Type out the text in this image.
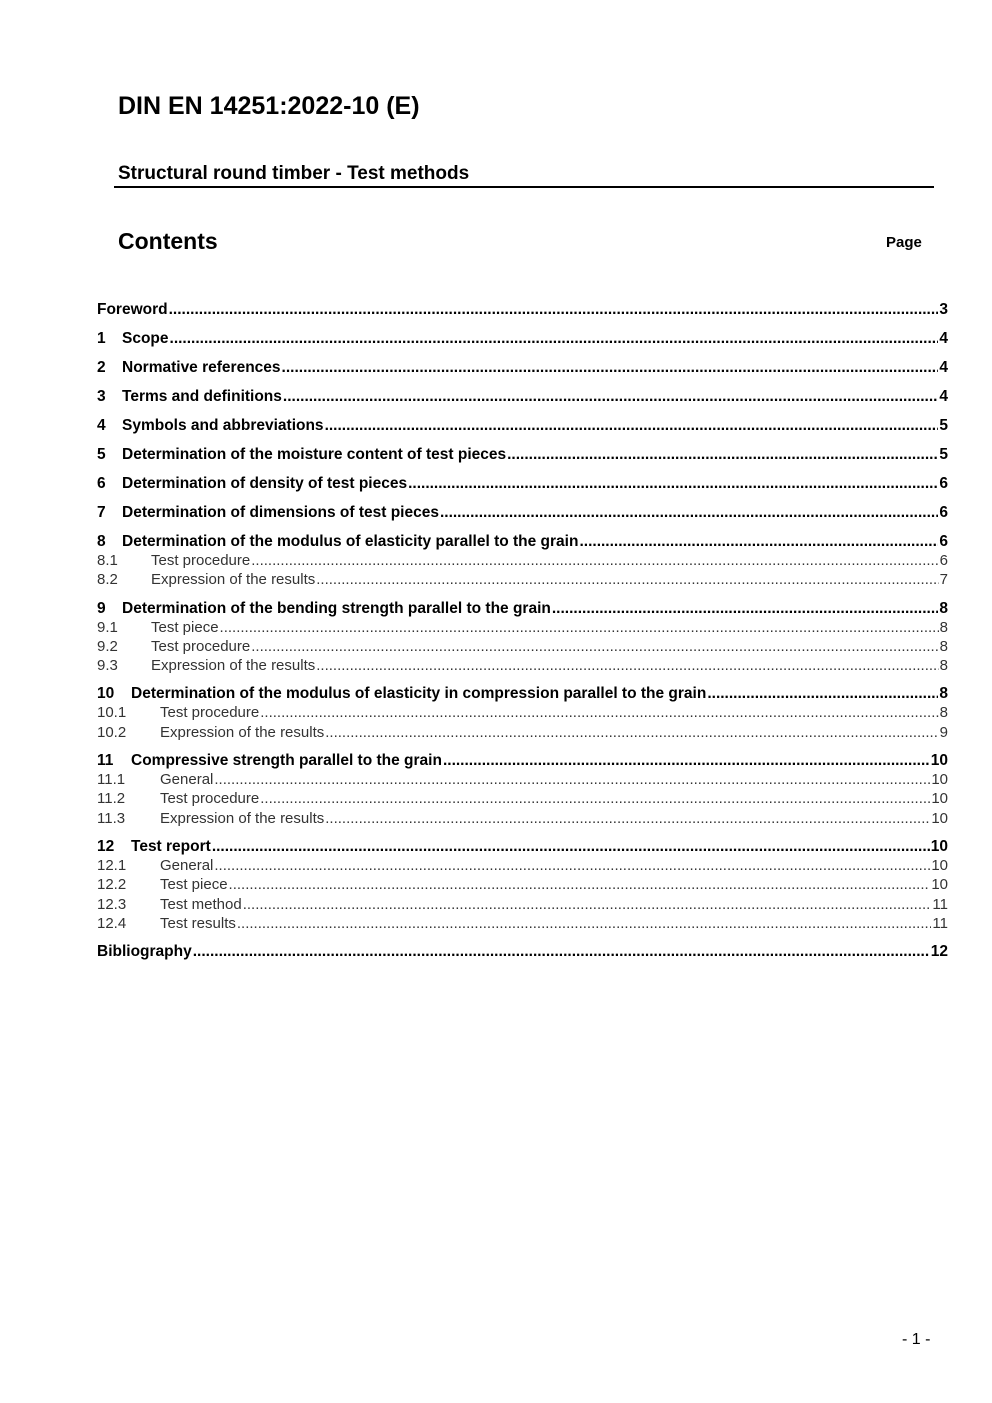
DIN EN 14251:2022-10 (E)
Structural round timber - Test methods
Contents	Page
Foreword .....	3
1	Scope .....	4
2	Normative references .....	4
3	Terms and definitions .....	4
4	Symbols and abbreviations .....	5
5	Determination of the moisture content of test pieces .....	5
6	Determination of density of test pieces .....	6
7	Determination of dimensions of test pieces .....	6
8	Determination of the modulus of elasticity parallel to the grain .....	6
8.1	Test procedure .....	6
8.2	Expression of the results .....	7
9	Determination of the bending strength parallel to the grain .....	8
9.1	Test piece .....	8
9.2	Test procedure .....	8
9.3	Expression of the results .....	8
10	Determination of the modulus of elasticity in compression parallel to the grain .....	8
10.1	Test procedure .....	8
10.2	Expression of the results .....	9
11	Compressive strength parallel to the grain .....	10
11.1	General .....	10
11.2	Test procedure .....	10
11.3	Expression of the results .....	10
12	Test report .....	10
12.1	General .....	10
12.2	Test piece .....	10
12.3	Test method .....	11
12.4	Test results .....	11
Bibliography .....	12
- 1 -
